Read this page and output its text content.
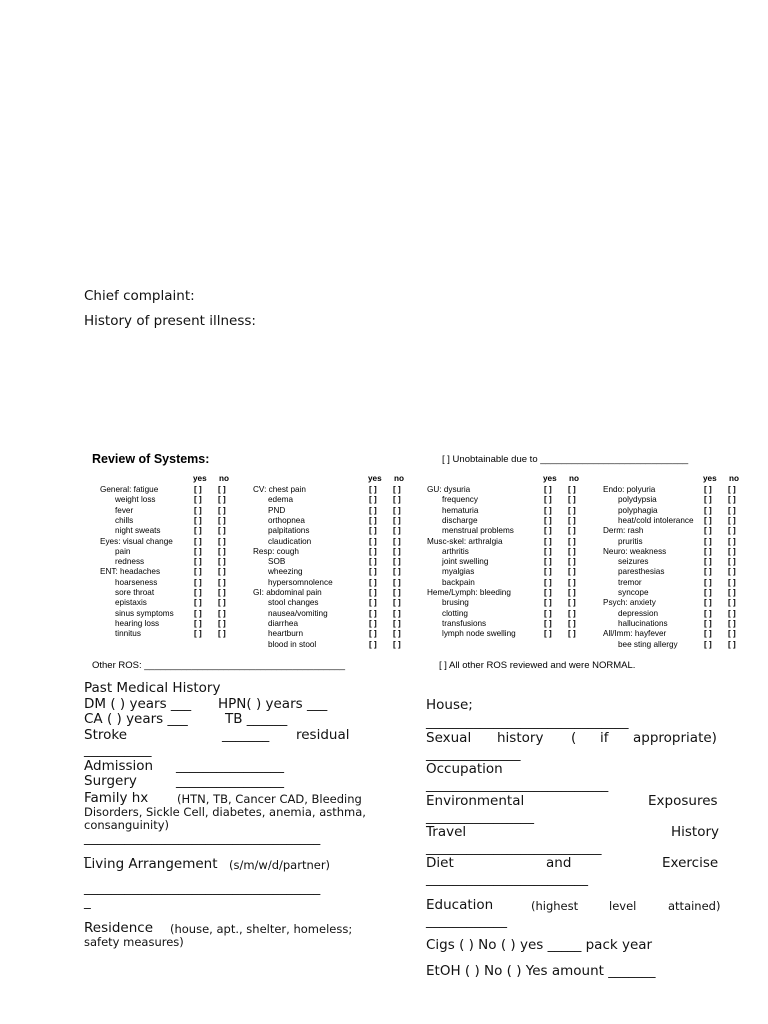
Chief complaint:
History of present illness:
Review of Systems:	[ ] Unobtainable due to ____________________________
yes no
General: fatigue	[ ] [ ]
weight loss	[ ] [ ]
fever	[ ] [ ]
chills	[ ] [ ]
night sweats	[ ] [ ]
Eyes: visual change	[ ] [ ]
pain	[ ] [ ]
redness	[ ] [ ]
ENT: headaches	[ ] [ ]
hoarseness	[ ] [ ]
sore throat	[ ] [ ]
epistaxis	[ ] [ ]
sinus symptoms [ ] [ ]
hearing loss	[ ] [ ]
tinnitus	[ ] [ ]
yes no
CV: chest pain	[ ] [ ]
edema	[ ] [ ]
PND	[ ] [ ]
orthopnea	[ ] [ ]
palpitations	[ ] [ ]
claudication	[ ] [ ]
Resp: cough	[ ] [ ]
SOB	[ ] [ ]
wheezing	[ ] [ ]
hypersomnolence	[ ] [ ]
GI: abdominal pain	[ ] [ ]
stool changes	[ ] [ ]
nausea/vomiting	[ ] [ ]
diarrhea	[ ] [ ]
heartburn	[ ] [ ]
blood in stool	[ ] [ ]
yes no
GU: dysuria	[ ] [ ]
frequency	[ ] [ ]
hematuria	[ ] [ ]
discharge	[ ] [ ]
menstrual problems	[ ] [ ]
Musc-skel: arthralgia	[ ] [ ]
arthritis	[ ] [ ]
joint swelling	[ ] [ ]
myalgias	[ ] [ ]
backpain	[ ] [ ]
Heme/Lymph: bleeding	[ ] [ ]
brusing	[ ] [ ]
clotting	[ ] [ ]
transfusions	[ ] [ ]
lymph node swelling	[ ] [ ]
yes no
Endo: polyuria	[ ] [ ]
polydypsia	[ ] [ ]
polyphagia	[ ] [ ]
heat/cold intolerance [ ] [ ]
Derm: rash	[ ] [ ]
pruritis	[ ] [ ]
Neuro: weakness	[ ] [ ]
seizures	[ ] [ ]
paresthesias	[ ] [ ]
tremor	[ ] [ ]
syncope	[ ] [ ]
Psych: anxiety	[ ] [ ]
depression	[ ] [ ]
hallucinations	[ ] [ ]
All/Imm: hayfever	[ ] [ ]
bee sting allergy	[ ] [ ]
Other ROS: ______________________________________	[ ] All other ROS reviewed and were NORMAL.
Past Medical History
DM ( ) years ___ HPN( ) years ___
CA ( ) years ___	TB ______
Stroke	_______ residual
__________
Admission ________________
Surgery	________________
Family hx (HTN, TB, Cancer CAD, Bleeding
Disorders, Sickle Cell, diabetes, anemia, asthma,
consanguinity)
___________________________________
_
Living Arrangement (s/m/w/d/partner)
___________________________________
_
Residence (house, apt., shelter, homeless;
safety measures)
House;
______________________________
Sexual history ( if appropriate)
______________
Occupation
___________________________
Environmental	Exposures
________________
Travel	History
__________________________
Diet	and	Exercise
________________________
Education	(highest	level	attained)
____________
Cigs ( ) No ( ) yes _____ pack year
EtOH ( ) No ( ) Yes amount _______
